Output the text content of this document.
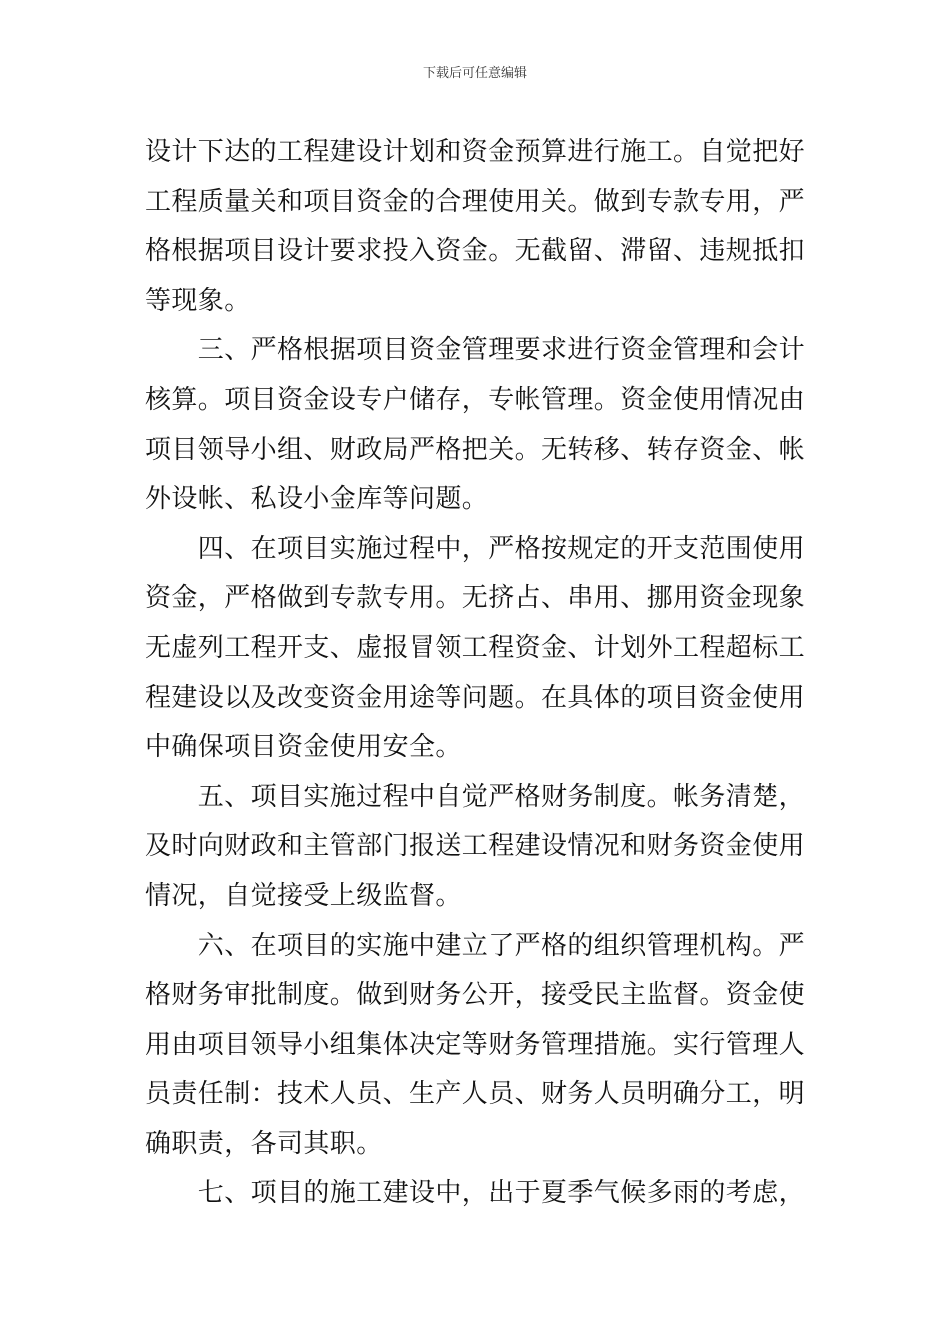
下载后可任意编辑
设计下达的工程建设计划和资金预算进行施工。自觉把好
工程质量关和项目资金的合理使用关。做到专款专用，严
格根据项目设计要求投入资金。无截留、滞留、违规抵扣
等现象。
　　三、严格根据项目资金管理要求进行资金管理和会计
核算。项目资金设专户储存，专帐管理。资金使用情况由
项目领导小组、财政局严格把关。无转移、转存资金、帐
外设帐、私设小金库等问题。
　　四、在项目实施过程中，严格按规定的开支范围使用
资金，严格做到专款专用。无挤占、串用、挪用资金现象
无虚列工程开支、虚报冒领工程资金、计划外工程超标工
程建设以及改变资金用途等问题。在具体的项目资金使用
中确保项目资金使用安全。
　　五、项目实施过程中自觉严格财务制度。帐务清楚，
及时向财政和主管部门报送工程建设情况和财务资金使用
情况，自觉接受上级监督。
　　六、在项目的实施中建立了严格的组织管理机构。严
格财务审批制度。做到财务公开，接受民主监督。资金使
用由项目领导小组集体决定等财务管理措施。实行管理人
员责任制：技术人员、生产人员、财务人员明确分工，明
确职责，各司其职。
　　七、项目的施工建设中，出于夏季气候多雨的考虑，
